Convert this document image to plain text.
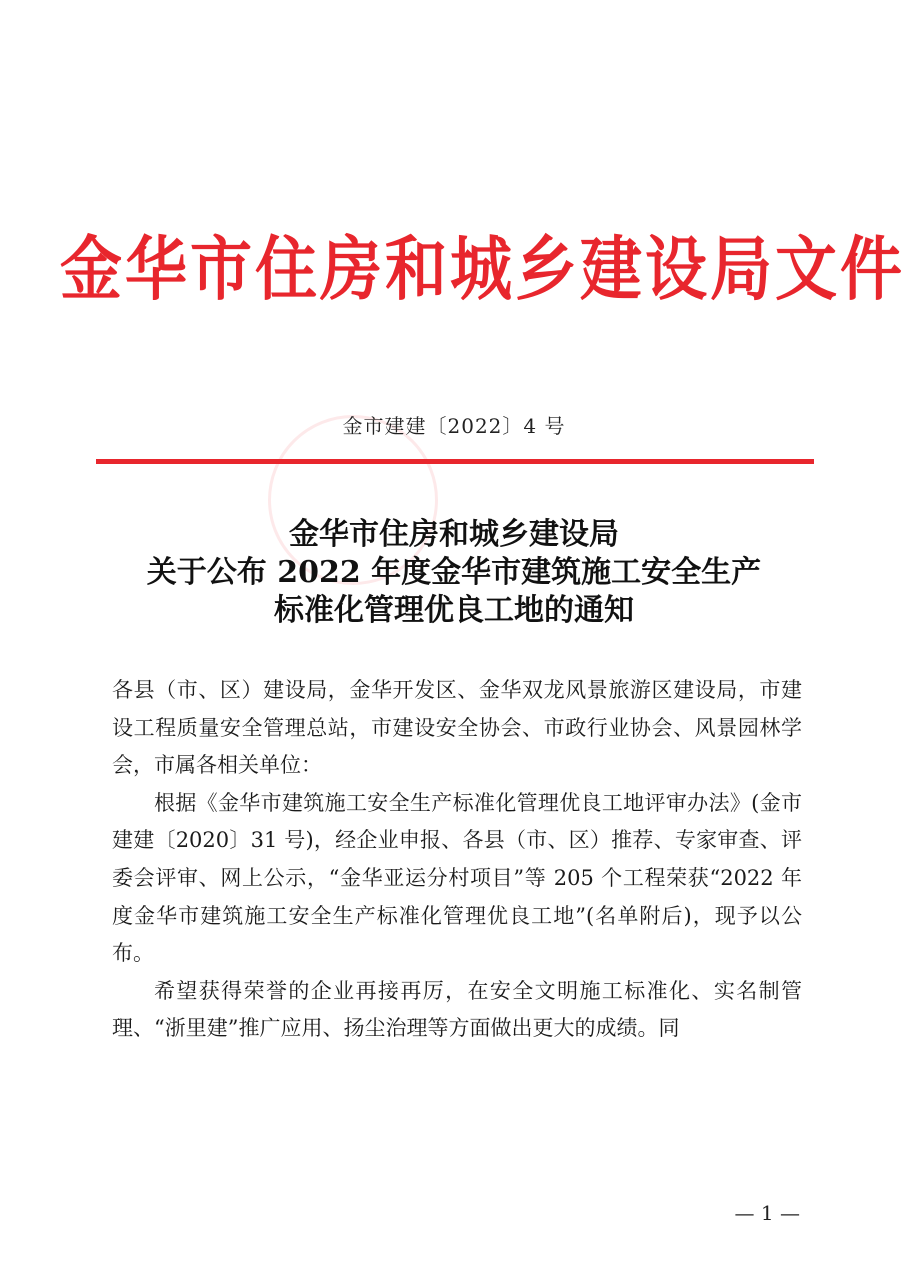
金华市住房和城乡建设局文件
金市建建〔2022〕4 号
金华市住房和城乡建设局
关于公布 2022 年度金华市建筑施工安全生产
标准化管理优良工地的通知

各县（市、区）建设局，金华开发区、金华双龙风景旅游区建设局，市建设工程质量安全管理总站，市建设安全协会、市政行业协会、风景园林学会，市属各相关单位：

根据《金华市建筑施工安全生产标准化管理优良工地评审办法》(金市建建〔2020〕31 号)，经企业申报、各县（市、区）推荐、专家审查、评委会评审、网上公示，“金华亚运分村项目”等 205 个工程荣获“2022 年度金华市建筑施工安全生产标准化管理优良工地”(名单附后)，现予以公布。

希望获得荣誉的企业再接再厉，在安全文明施工标准化、实名制管理、“浙里建”推广应用、扬尘治理等方面做出更大的成绩。同

— 1 —
